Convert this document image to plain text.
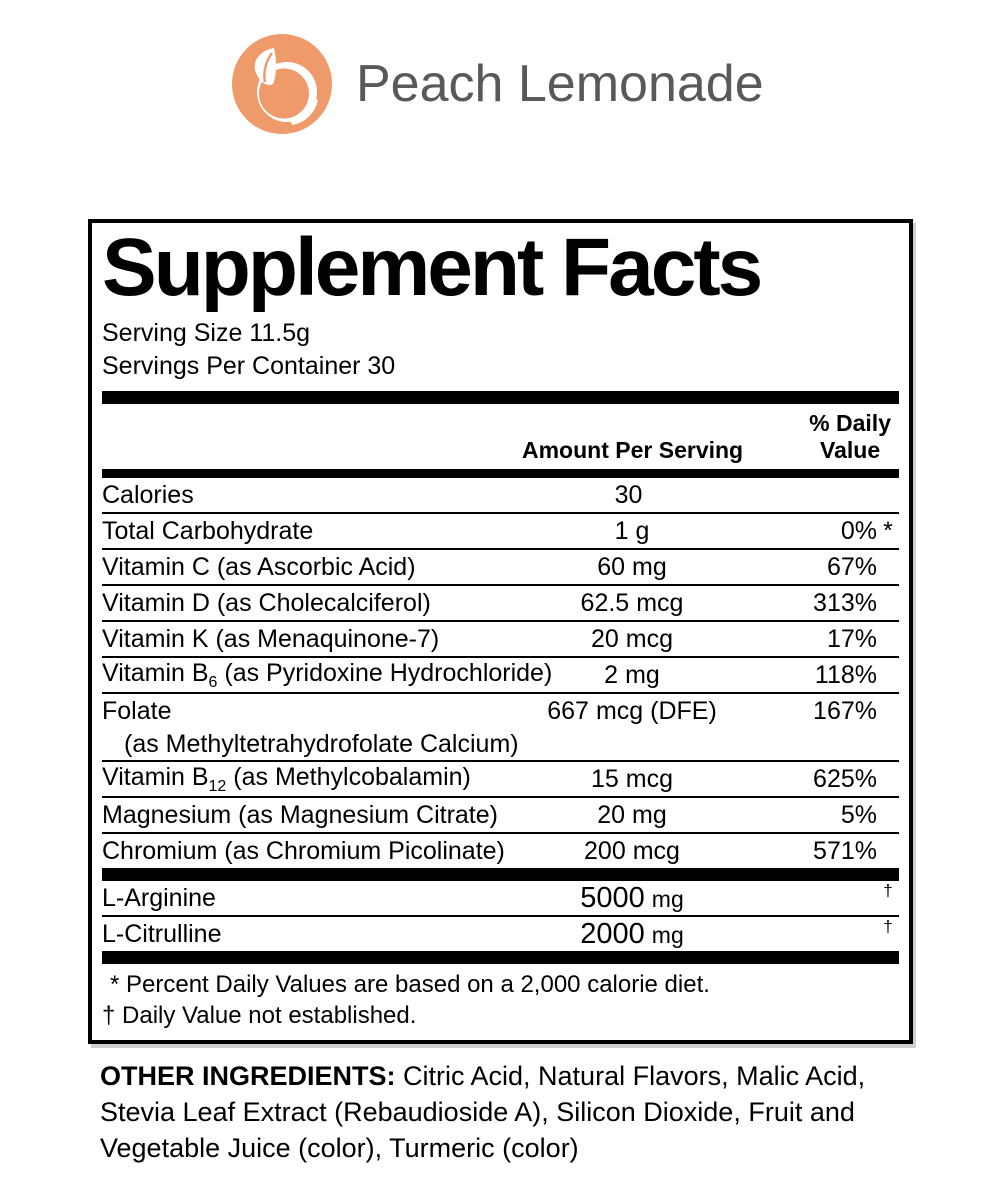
Peach Lemonade
Supplement Facts
Serving Size 11.5g
Servings Per Container 30
Amount Per Serving
% Daily
Value
Calories	30
Total Carbohydrate	1 g	0% *
Vitamin C (as Ascorbic Acid)	60 mg	67%
Vitamin D (as Cholecalciferol)	62.5 mcg	313%
Vitamin K (as Menaquinone-7)	20 mcg	17%
Vitamin $B_6$ (as Pyridoxine Hydrochloride)	2 mg	118%
Folate	667 mcg (DFE)	167%
(as Methyltetrahydrofolate Calcium)
Vitamin $B_{12}$ (as Methylcobalamin)	15 mcg	625%
Magnesium (as Magnesium Citrate)	20 mg	5%
Chromium (as Chromium Picolinate)	200 mcg	571%
L-Arginine	5000 mg	†
L-Citrulline	2000 mg	†
* Percent Daily Values are based on a 2,000 calorie diet.
† Daily Value not established.

OTHER INGREDIENTS: Citric Acid, Natural Flavors, Malic Acid, Stevia Leaf Extract (Rebaudioside A), Silicon Dioxide, Fruit and Vegetable Juice (color), Turmeric (color)
